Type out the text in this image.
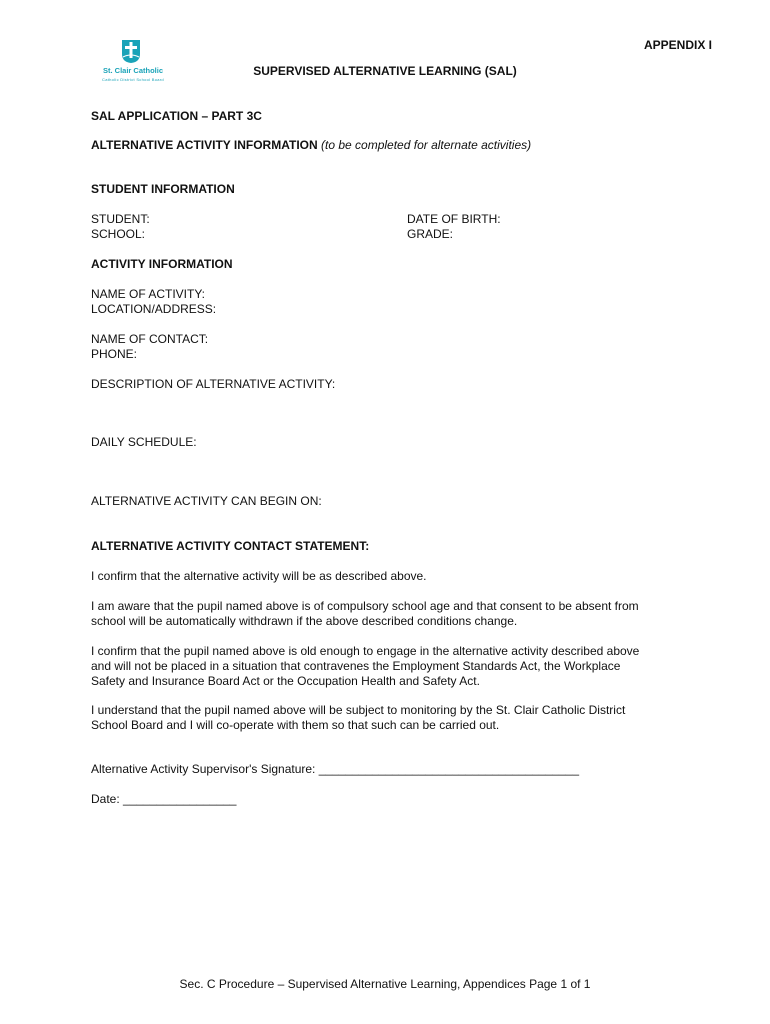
St. Clair Catholic
Catholic District School Board
APPENDIX I
SUPERVISED ALTERNATIVE LEARNING (SAL)
SAL APPLICATION – PART 3C
ALTERNATIVE ACTIVITY INFORMATION (to be completed for alternate activities)
STUDENT INFORMATION
STUDENT:
SCHOOL:
DATE OF BIRTH:
GRADE:
ACTIVITY INFORMATION
NAME OF ACTIVITY:
LOCATION/ADDRESS:
NAME OF CONTACT:
PHONE:
DESCRIPTION OF ALTERNATIVE ACTIVITY:
DAILY SCHEDULE:
ALTERNATIVE ACTIVITY CAN BEGIN ON:
ALTERNATIVE ACTIVITY CONTACT STATEMENT:
I confirm that the alternative activity will be as described above.
I am aware that the pupil named above is of compulsory school age and that consent to be absent from
school will be automatically withdrawn if the above described conditions change.
I confirm that the pupil named above is old enough to engage in the alternative activity described above
and will not be placed in a situation that contravenes the Employment Standards Act, the Workplace
Safety and Insurance Board Act or the Occupation Health and Safety Act.
I understand that the pupil named above will be subject to monitoring by the St. Clair Catholic District
School Board and I will co-operate with them so that such can be carried out.
Alternative Activity Supervisor's Signature: _______________________________________
Date: _________________
Sec. C Procedure – Supervised Alternative Learning, Appendices Page 1 of 1
